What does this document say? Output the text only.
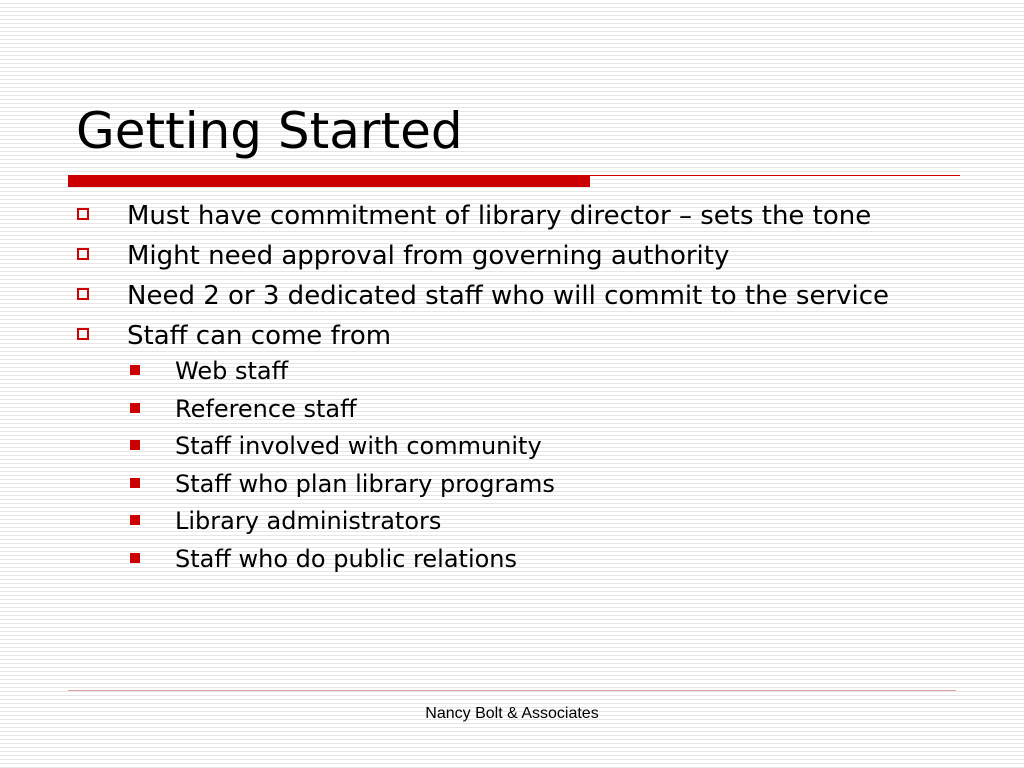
Getting Started
Must have commitment of library director – sets the tone
Might need approval from governing authority
Need 2 or 3 dedicated staff who will commit to the service
Staff can come from
Web staff
Reference staff
Staff involved with community
Staff who plan library programs
Library administrators
Staff who do public relations
Nancy Bolt & Associates
